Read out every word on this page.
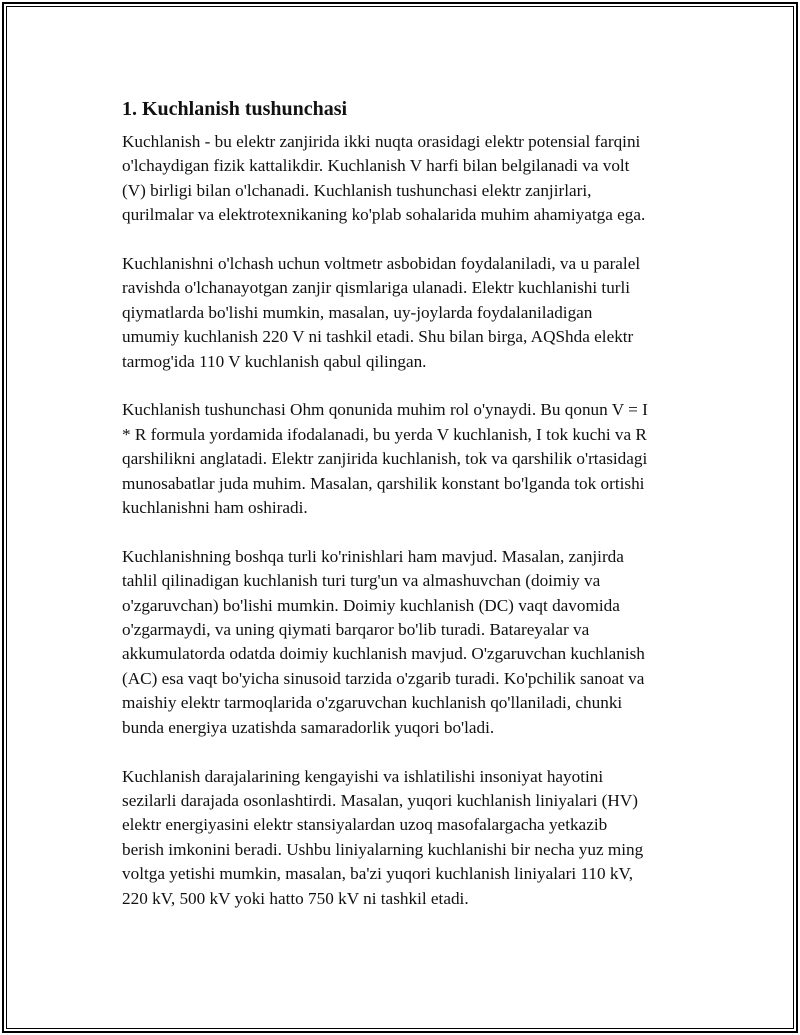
1. Kuchlanish tushunchasi

Kuchlanish - bu elektr zanjirida ikki nuqta orasidagi elektr potensial farqini
o'lchaydigan fizik kattalikdir. Kuchlanish V harfi bilan belgilanadi va volt
(V) birligi bilan o'lchanadi. Kuchlanish tushunchasi elektr zanjirlari,
qurilmalar va elektrotexnikaning ko'plab sohalarida muhim ahamiyatga ega.

Kuchlanishni o'lchash uchun voltmetr asbobidan foydalaniladi, va u paralel
ravishda o'lchanayotgan zanjir qismlariga ulanadi. Elektr kuchlanishi turli
qiymatlarda bo'lishi mumkin, masalan, uy-joylarda foydalaniladigan
umumiy kuchlanish 220 V ni tashkil etadi. Shu bilan birga, AQShda elektr
tarmog'ida 110 V kuchlanish qabul qilingan.

Kuchlanish tushunchasi Ohm qonunida muhim rol o'ynaydi. Bu qonun V = I
* R formula yordamida ifodalanadi, bu yerda V kuchlanish, I tok kuchi va R
qarshilikni anglatadi. Elektr zanjirida kuchlanish, tok va qarshilik o'rtasidagi
munosabatlar juda muhim. Masalan, qarshilik konstant bo'lganda tok ortishi
kuchlanishni ham oshiradi.

Kuchlanishning boshqa turli ko'rinishlari ham mavjud. Masalan, zanjirda
tahlil qilinadigan kuchlanish turi turg'un va almashuvchan (doimiy va
o'zgaruvchan) bo'lishi mumkin. Doimiy kuchlanish (DC) vaqt davomida
o'zgarmaydi, va uning qiymati barqaror bo'lib turadi. Batareyalar va
akkumulatorda odatda doimiy kuchlanish mavjud. O'zgaruvchan kuchlanish
(AC) esa vaqt bo'yicha sinusoid tarzida o'zgarib turadi. Ko'pchilik sanoat va
maishiy elektr tarmoqlarida o'zgaruvchan kuchlanish qo'llaniladi, chunki
bunda energiya uzatishda samaradorlik yuqori bo'ladi.

Kuchlanish darajalarining kengayishi va ishlatilishi insoniyat hayotini
sezilarli darajada osonlashtirdi. Masalan, yuqori kuchlanish liniyalari (HV)
elektr energiyasini elektr stansiyalardan uzoq masofalargacha yetkazib
berish imkonini beradi. Ushbu liniyalarning kuchlanishi bir necha yuz ming
voltga yetishi mumkin, masalan, ba'zi yuqori kuchlanish liniyalari 110 kV,
220 kV, 500 kV yoki hatto 750 kV ni tashkil etadi.
